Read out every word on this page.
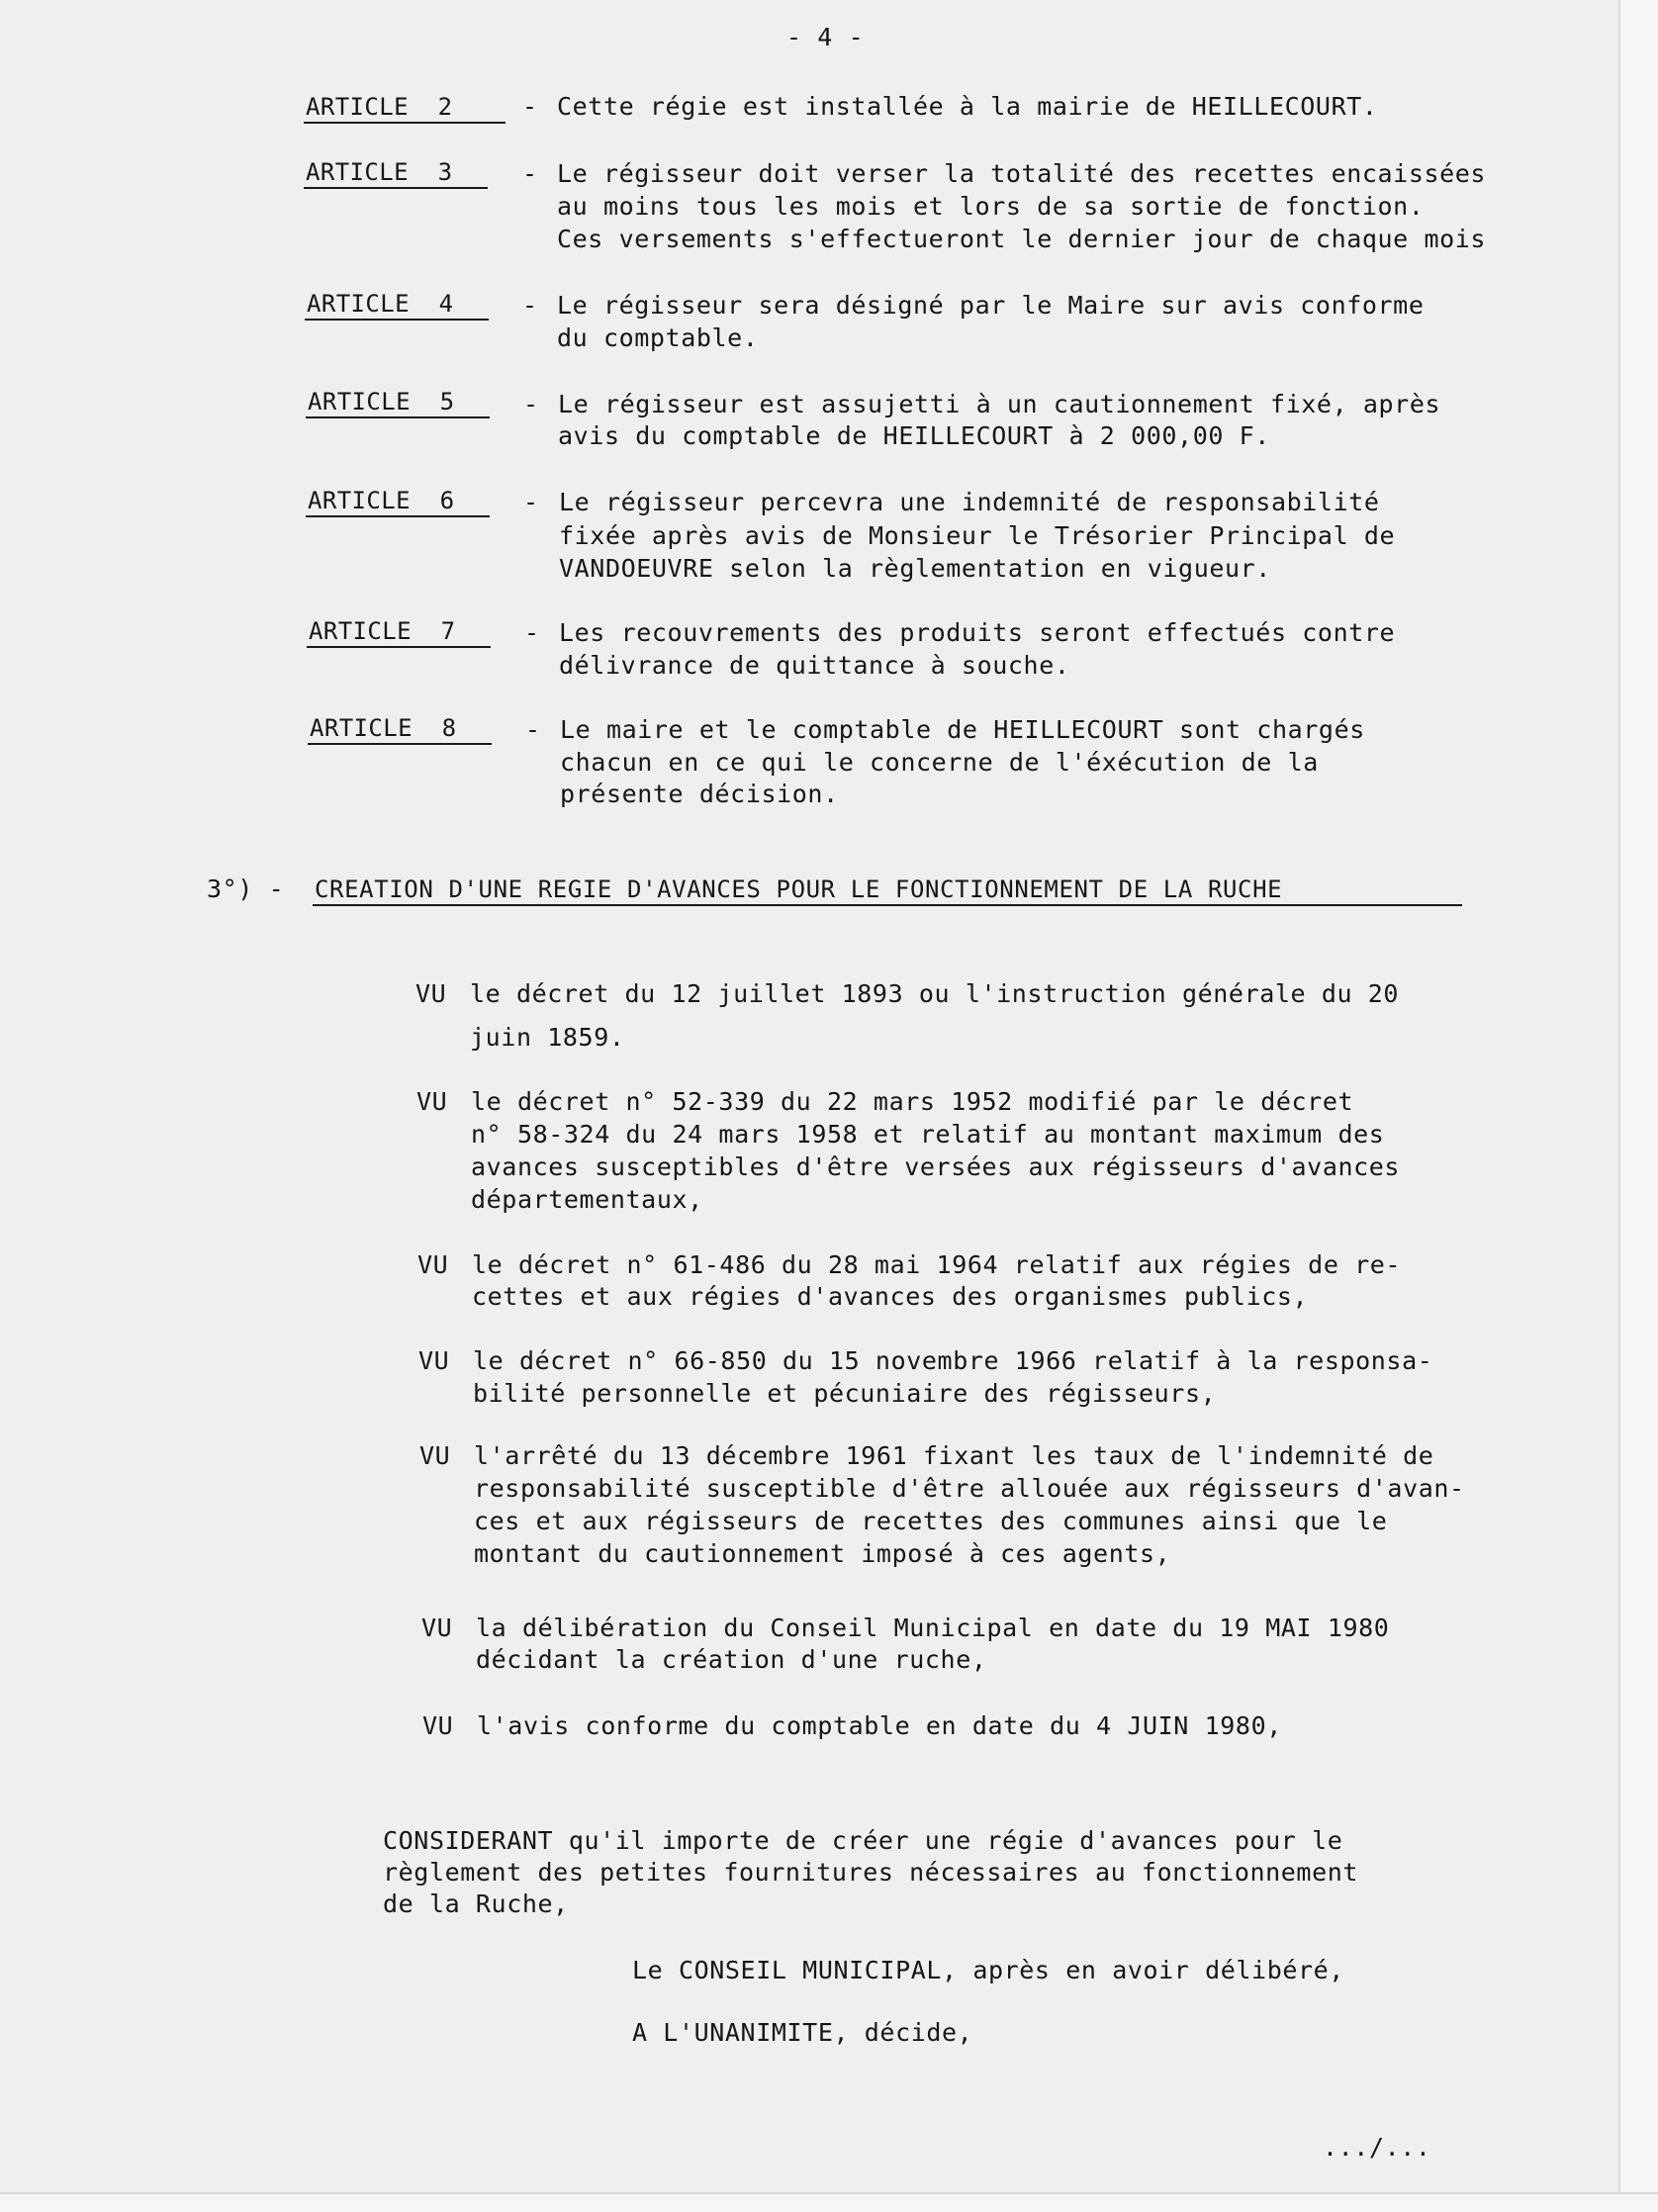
- 4 -
ARTICLE  2	- Cette régie est installée à la mairie de HEILLECOURT.
ARTICLE  3	- Le régisseur doit verser la totalité des recettes encaissées
au moins tous les mois et lors de sa sortie de fonction.
Ces versements s'effectueront le dernier jour de chaque mois
ARTICLE  4	- Le régisseur sera désigné par le Maire sur avis conforme
du comptable.
ARTICLE  5	- Le régisseur est assujetti à un cautionnement fixé, après
avis du comptable de HEILLECOURT à 2 000,00 F.
ARTICLE  6	- Le régisseur percevra une indemnité de responsabilité
fixée après avis de Monsieur le Trésorier Principal de
VANDOEUVRE selon la règlementation en vigueur.
ARTICLE  7	- Les recouvrements des produits seront effectués contre
délivrance de quittance à souche.
ARTICLE  8	- Le maire et le comptable de HEILLECOURT sont chargés
chacun en ce qui le concerne de l'éxécution de la
présente décision.
3°) - CREATION D'UNE REGIE D'AVANCES POUR LE FONCTIONNEMENT DE LA RUCHE
VU le décret du 12 juillet 1893 ou l'instruction générale du 20
juin 1859.
VU le décret n° 52-339 du 22 mars 1952 modifié par le décret
n° 58-324 du 24 mars 1958 et relatif au montant maximum des
avances susceptibles d'être versées aux régisseurs d'avances
départementaux,
VU le décret n° 61-486 du 28 mai 1964 relatif aux régies de re-
cettes et aux régies d'avances des organismes publics,
VU le décret n° 66-850 du 15 novembre 1966 relatif à la responsa-
bilité personnelle et pécuniaire des régisseurs,
VU l'arrêté du 13 décembre 1961 fixant les taux de l'indemnité de
responsabilité susceptible d'être allouée aux régisseurs d'avan-
ces et aux régisseurs de recettes des communes ainsi que le
montant du cautionnement imposé à ces agents,
VU la délibération du Conseil Municipal en date du 19 MAI 1980
décidant la création d'une ruche,
VU l'avis conforme du comptable en date du 4 JUIN 1980,
CONSIDERANT qu'il importe de créer une régie d'avances pour le
règlement des petites fournitures nécessaires au fonctionnement
de la Ruche,
Le CONSEIL MUNICIPAL, après en avoir délibéré,
A L'UNANIMITE, décide,
.../...
